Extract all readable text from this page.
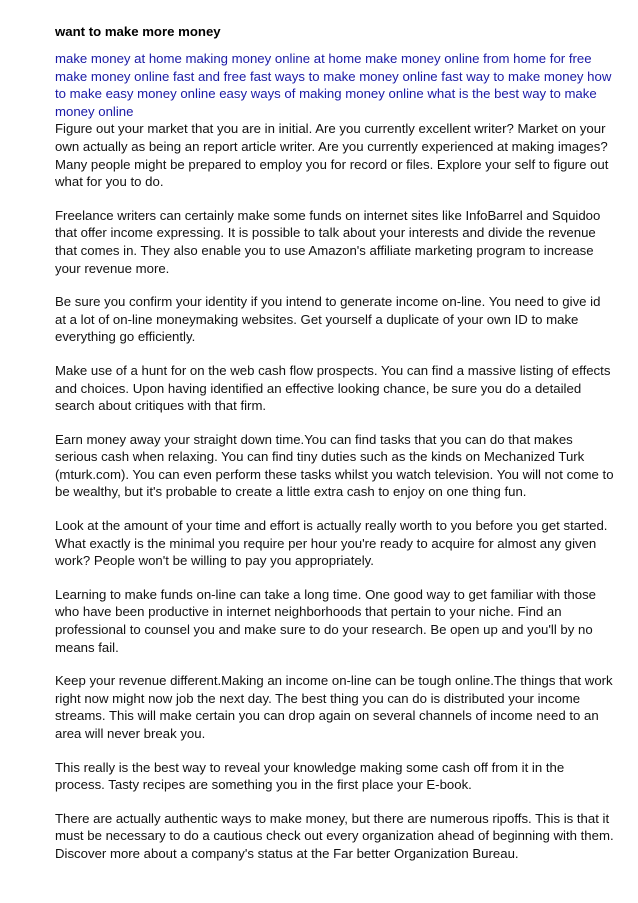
want to make more money

make money at home making money online at home make money online from home for free make money online fast and free fast ways to make money online fast way to make money how to make easy money online easy ways of making money online what is the best way to make money online

Figure out your market that you are in initial. Are you currently excellent writer? Market on your own actually as being an report article writer. Are you currently experienced at making images? Many people might be prepared to employ you for record or files. Explore your self to figure out what for you to do.

Freelance writers can certainly make some funds on internet sites like InfoBarrel and Squidoo that offer income expressing. It is possible to talk about your interests and divide the revenue that comes in. They also enable you to use Amazon's affiliate marketing program to increase your revenue more.

Be sure you confirm your identity if you intend to generate income on-line. You need to give id at a lot of on-line moneymaking websites. Get yourself a duplicate of your own ID to make everything go efficiently.

Make use of a hunt for on the web cash flow prospects. You can find a massive listing of effects and choices. Upon having identified an effective looking chance, be sure you do a detailed search about critiques with that firm.

Earn money away your straight down time.You can find tasks that you can do that makes serious cash when relaxing. You can find tiny duties such as the kinds on Mechanized Turk (mturk.com). You can even perform these tasks whilst you watch television. You will not come to be wealthy, but it's probable to create a little extra cash to enjoy on one thing fun.

Look at the amount of your time and effort is actually really worth to you before you get started. What exactly is the minimal you require per hour you're ready to acquire for almost any given work? People won't be willing to pay you appropriately.

Learning to make funds on-line can take a long time. One good way to get familiar with those who have been productive in internet neighborhoods that pertain to your niche. Find an professional to counsel you and make sure to do your research. Be open up and you'll by no means fail.

Keep your revenue different.Making an income on-line can be tough online.The things that work right now might now job the next day. The best thing you can do is distributed your income streams. This will make certain you can drop again on several channels of income need to an area will never break you.

This really is the best way to reveal your knowledge making some cash off from it in the process. Tasty recipes are something you in the first place your E-book.

There are actually authentic ways to make money, but there are numerous ripoffs. This is that it must be necessary to do a cautious check out every organization ahead of beginning with them. Discover more about a company's status at the Far better Organization Bureau.
